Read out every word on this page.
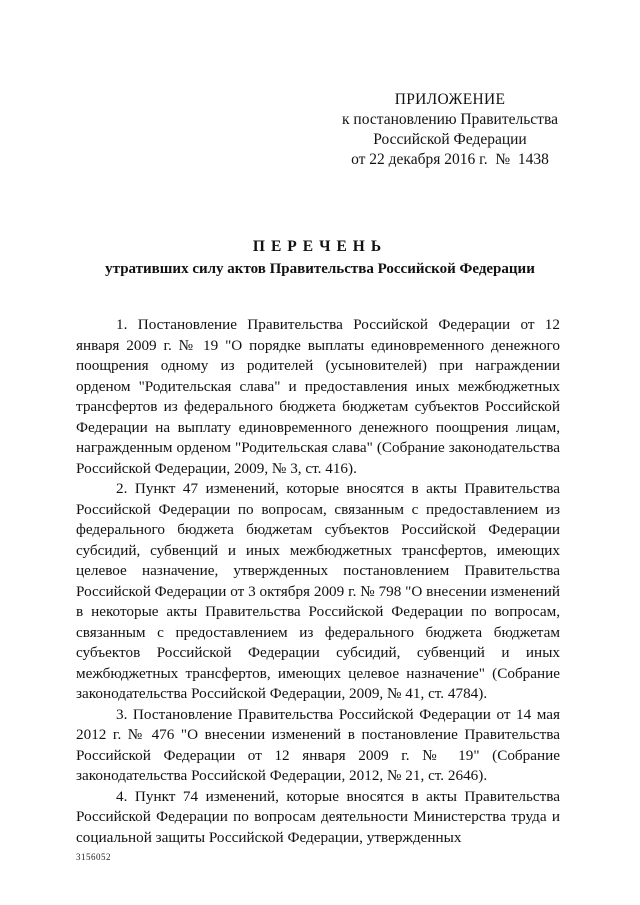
ПРИЛОЖЕНИЕ
к постановлению Правительства
Российской Федерации
от 22 декабря 2016 г.  №  1438
ПЕРЕЧЕНЬ
утративших силу актов Правительства Российской Федерации

1. Постановление Правительства Российской Федерации от 12 января 2009 г. № 19 "О порядке выплаты единовременного денежного поощрения одному из родителей (усыновителей) при награждении орденом "Родительская слава" и предоставления иных межбюджетных трансфертов из федерального бюджета бюджетам субъектов Российской Федерации на выплату единовременного денежного поощрения лицам, награжденным орденом "Родительская слава" (Собрание законодательства Российской Федерации, 2009, № 3, ст. 416).

2. Пункт 47 изменений, которые вносятся в акты Правительства Российской Федерации по вопросам, связанным с предоставлением из федерального бюджета бюджетам субъектов Российской Федерации субсидий, субвенций и иных межбюджетных трансфертов, имеющих целевое назначение, утвержденных постановлением Правительства Российской Федерации от 3 октября 2009 г. № 798 "О внесении изменений в некоторые акты Правительства Российской Федерации по вопросам, связанным с предоставлением из федерального бюджета бюджетам субъектов Российской Федерации субсидий, субвенций и иных межбюджетных трансфертов, имеющих целевое назначение" (Собрание законодательства Российской Федерации, 2009, № 41, ст. 4784).

3. Постановление Правительства Российской Федерации от 14 мая 2012 г. № 476 "О внесении изменений в постановление Правительства Российской Федерации от 12 января 2009 г. № 19" (Собрание законодательства Российской Федерации, 2012, № 21, ст. 2646).

4. Пункт 74 изменений, которые вносятся в акты Правительства Российской Федерации по вопросам деятельности Министерства труда и социальной защиты Российской Федерации, утвержденных

3156052
